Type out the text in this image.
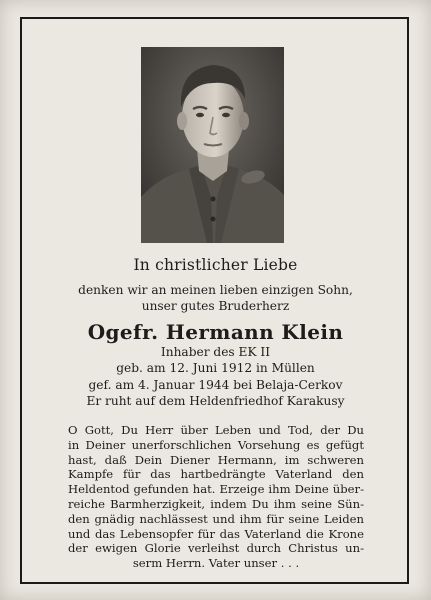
In christlicher Liebe
denken wir an meinen lieben einzigen Sohn,
unser gutes Bruderherz
Ogefr. Hermann Klein
Inhaber des EK II
geb. am 12. Juni 1912 in Müllen
gef. am 4. Januar 1944 bei Belaja-Cerkov
Er ruht auf dem Heldenfriedhof Karakusy
O Gott, Du Herr über Leben und Tod, der Du
in Deiner unerforschlichen Vorsehung es gefügt
hast, daß Dein Diener Hermann, im schweren
Kampfe für das hartbedrängte Vaterland den
Heldentod gefunden hat. Erzeige ihm Deine über-
reiche Barmherzigkeit, indem Du ihm seine Sün-
den gnädig nachlässest und ihm für seine Leiden
und das Lebensopfer für das Vaterland die Krone
der ewigen Glorie verleihst durch Christus un-
serm Herrn. Vater unser . . .
